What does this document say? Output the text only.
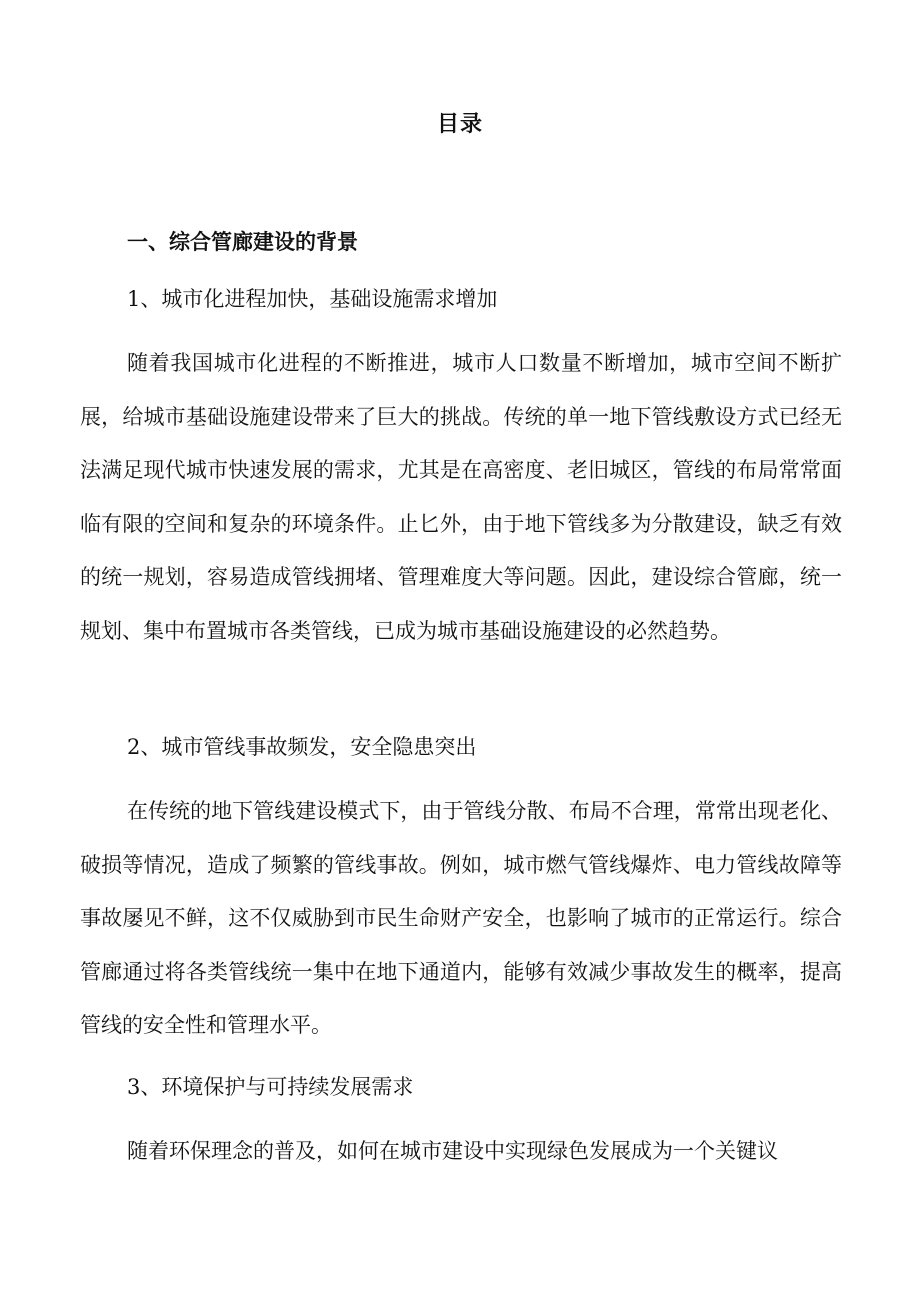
目录
一、综合管廊建设的背景
1、城市化进程加快，基础设施需求增加

随着我国城市化进程的不断推进，城市人口数量不断增加，城市空间不断扩展，给城市基础设施建设带来了巨大的挑战。传统的单一地下管线敷设方式已经无法满足现代城市快速发展的需求，尤其是在高密度、老旧城区，管线的布局常常面临有限的空间和复杂的环境条件。止匕外，由于地下管线多为分散建设，缺乏有效的统一规划，容易造成管线拥堵、管理难度大等问题。因此，建设综合管廊，统一规划、集中布置城市各类管线，已成为城市基础设施建设的必然趋势。

2、城市管线事故频发，安全隐患突出

在传统的地下管线建设模式下，由于管线分散、布局不合理，常常出现老化、破损等情况，造成了频繁的管线事故。例如，城市燃气管线爆炸、电力管线故障等事故屡见不鲜，这不仅威胁到市民生命财产安全，也影响了城市的正常运行。综合管廊通过将各类管线统一集中在地下通道内，能够有效减少事故发生的概率，提高管线的安全性和管理水平。

3、环境保护与可持续发展需求

随着环保理念的普及，如何在城市建设中实现绿色发展成为一个关键议
